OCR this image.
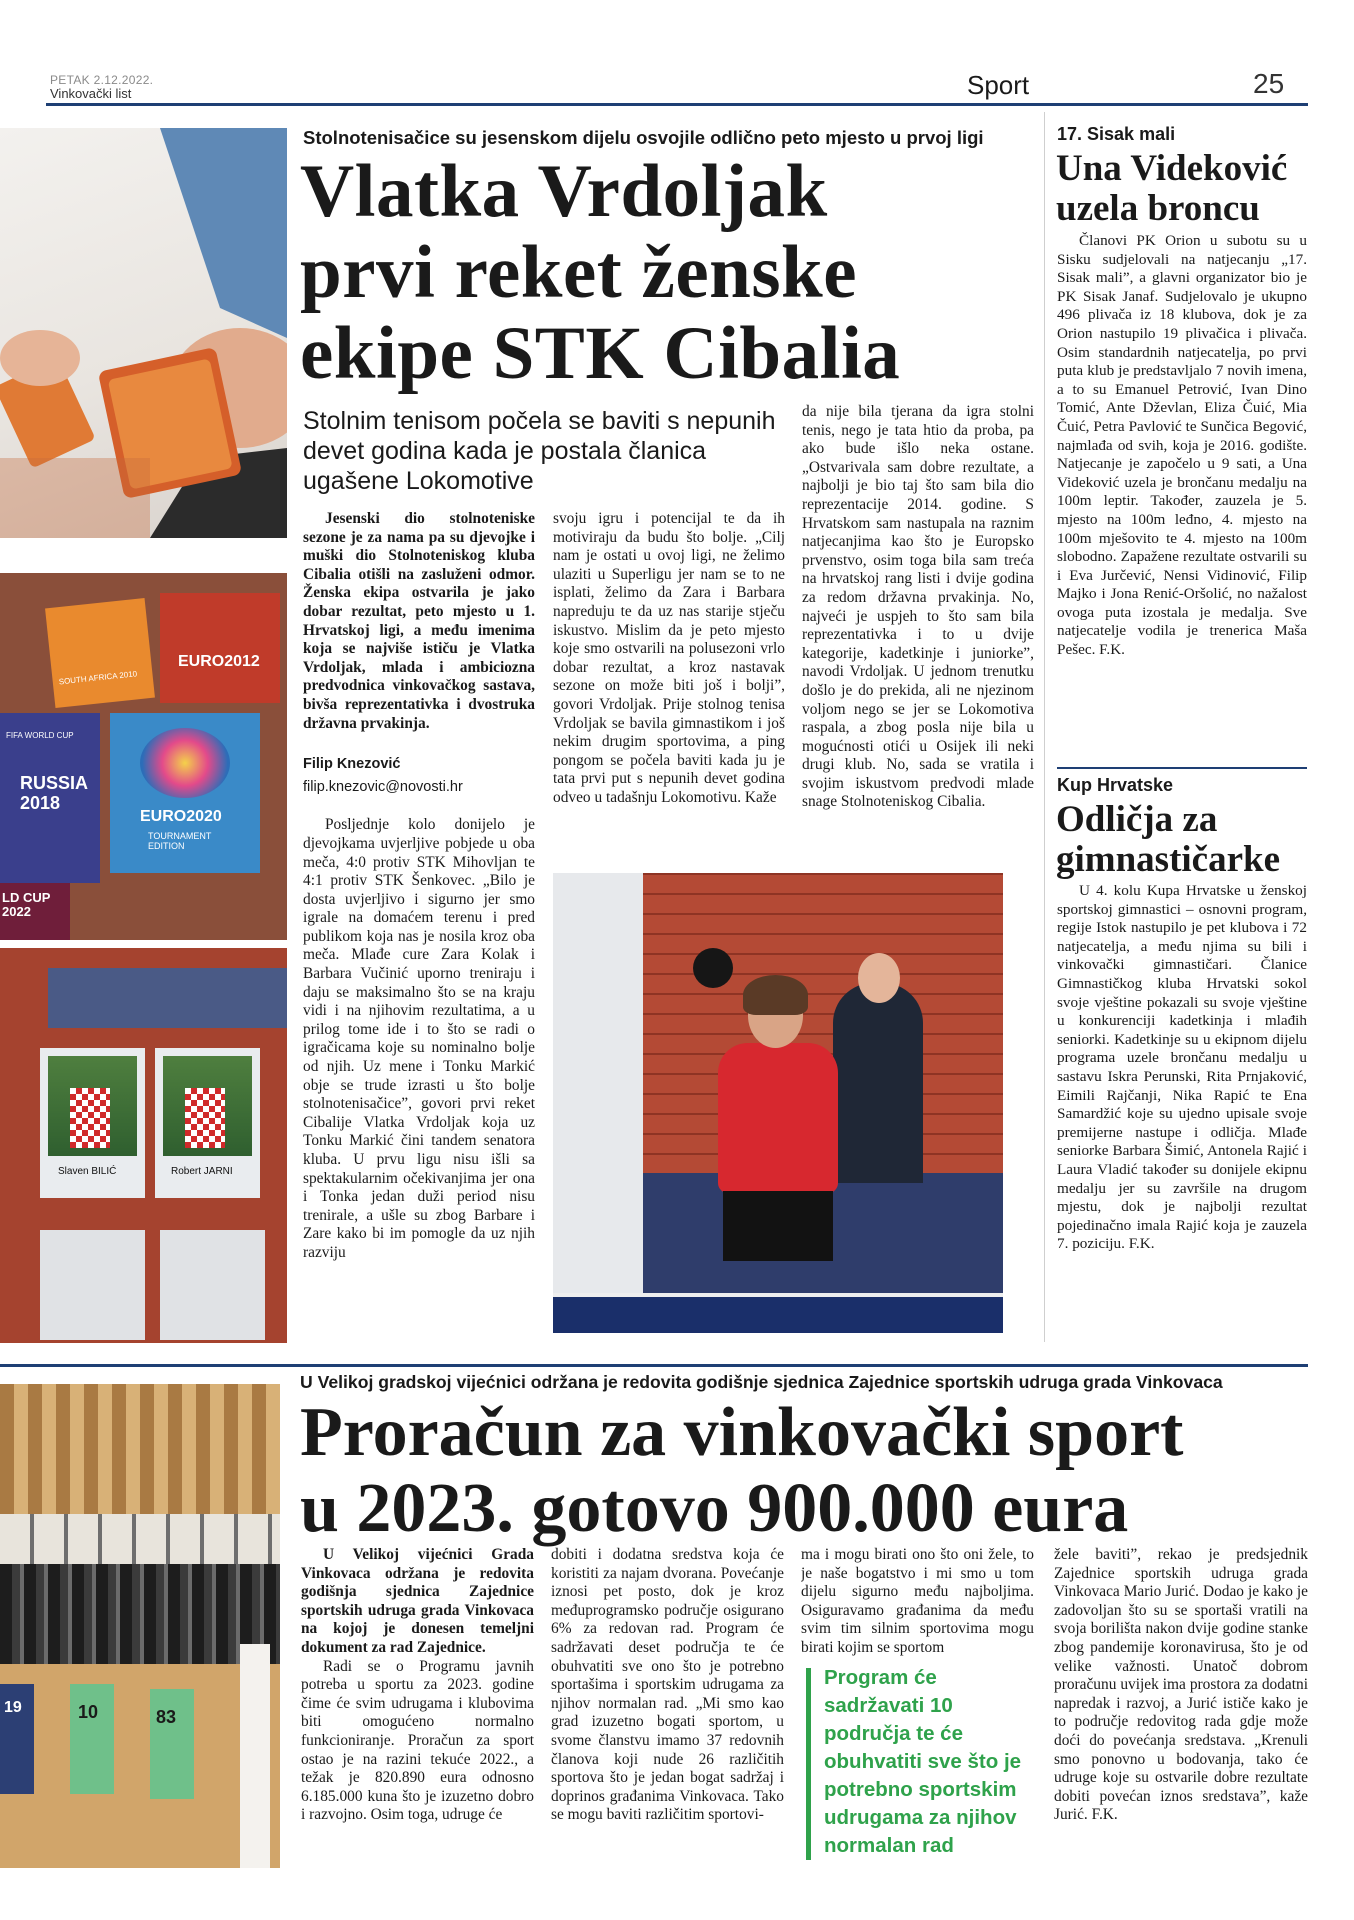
PETAK 2.12.2022.
Vinkovački list	Sport	25
SOUTH AFRICA 2010
EURO2012
FIFA WORLD CUP
RUSSIA
2018
EURO2020
TOURNAMENT
EDITION
LD CUP
2022
Slaven BILIĆ	Robert JARNI
Stolnotenisačice su jesenskom dijelu osvojile odlično peto mjesto u prvoj ligi
Vlatka Vrdoljak
prvi reket ženske
ekipe STK Cibalia
Stolnim tenisom počela se baviti s nepunih devet godina kada je postala članica ugašene Lokomotive

Jesenski dio stolnoteniske sezone je za nama pa su djevojke i muški dio Stolnoteniskog kluba Cibalia otišli na zasluženi odmor. Ženska ekipa ostvarila je jako dobar rezultat, peto mjesto u 1. Hrvatskoj ligi, a među imenima koja se najviše ističu je Vlatka Vrdoljak, mlada i ambiciozna predvodnica vinkovačkog sastava, bivša reprezentativka i dvostruka državna prvakinja.

Filip Knezović
filip.knezovic@novosti.hr

Posljednje kolo donijelo je djevojkama uvjerljive pobjede u oba meča, 4:0 protiv STK Mihovljan te 4:1 protiv STK Šenkovec. „Bilo je dosta uvjerljivo i sigurno jer smo igrale na domaćem terenu i pred publikom koja nas je nosila kroz oba meča. Mlađe cure Zara Kolak i Barbara Vučinić uporno treniraju i daju se maksimalno što se na kraju vidi i na njihovim rezultatima, a u prilog tome ide i to što se radi o igračicama koje su nominalno bolje od njih. Uz mene i Tonku Markić obje se trude izrasti u što bolje stolnotenisačice”, govori prvi reket Cibalije Vlatka Vrdoljak koja uz Tonku Markić čini tandem senatora kluba. U prvu ligu nisu išli sa spektakularnim očekivanjima jer ona i Tonka jedan duži period nisu trenirale, a ušle su zbog Barbare i Zare kako bi im pomogle da uz njih razviju

svoju igru i potencijal te da ih motiviraju da budu što bolje. „Cilj nam je ostati u ovoj ligi, ne želimo ulaziti u Superligu jer nam se to ne isplati, želimo da Zara i Barbara napreduju te da uz nas starije stječu iskustvo. Mislim da je peto mjesto koje smo ostvarili na polusezoni vrlo dobar rezultat, a kroz nastavak sezone on može biti još i bolji”, govori Vrdoljak. Prije stolnog tenisa Vrdoljak se bavila gimnastikom i još nekim drugim sportovima, a ping pongom se počela baviti kada ju je tata prvi put s nepunih devet godina odveo u tadašnju Lokomotivu. Kaže

da nije bila tjerana da igra stolni tenis, nego je tata htio da proba, pa ako bude išlo neka ostane. „Ostvarivala sam dobre rezultate, a najbolji je bio taj što sam bila dio reprezentacije 2014. godine. S Hrvatskom sam nastupala na raznim natjecanjima kao što je Europsko prvenstvo, osim toga bila sam treća na hrvatskoj rang listi i dvije godina za redom državna prvakinja. No, najveći je uspjeh to što sam bila reprezentativka i to u dvije kategorije, kadetkinje i juniorke”, navodi Vrdoljak. U jednom trenutku došlo je do prekida, ali ne njezinom voljom nego se jer se Lokomotiva raspala, a zbog posla nije bila u mogućnosti otići u Osijek ili neki drugi klub. No, sada se vratila i svojim iskustvom predvodi mlade snage Stolnoteniskog Cibalia.

17. Sisak mali
Una Videković
uzela broncu

Članovi PK Orion u subotu su u Sisku sudjelovali na natjecanju „17. Sisak mali”, a glavni organizator bio je PK Sisak Janaf. Sudjelovalo je ukupno 496 plivača iz 18 klubova, dok je za Orion nastupilo 19 plivačica i plivača. Osim standardnih natjecatelja, po prvi puta klub je predstavljalo 7 novih imena, a to su Emanuel Petrović, Ivan Dino Tomić, Ante Dževlan, Eliza Čuić, Mia Čuić, Petra Pavlović te Sunčica Begović, najmlađa od svih, koja je 2016. godište. Natjecanje je započelo u 9 sati, a Una Videković uzela je brončanu medalju na 100m leptir. Također, zauzela je 5. mjesto na 100m leđno, 4. mjesto na 100m mješovito te 4. mjesto na 100m slobodno. Zapažene rezultate ostvarili su i Eva Jurčević, Nensi Vidinović, Filip Majko i Jona Renić-Oršolić, no nažalost ovoga puta izostala je medalja. Sve natjecatelje vodila je trenerica Maša Pešec. F.K.

Kup Hrvatske
Odličja za
gimnastičarke

U 4. kolu Kupa Hrvatske u ženskoj sportskoj gimnastici – osnovni program, regije Istok nastupilo je pet klubova i 72 natjecatelja, a među njima su bili i vinkovački gimnastičari. Članice Gimnastičkog kluba Hrvatski sokol svoje vještine pokazali su svoje vještine u konkurenciji kadetkinja i mlađih seniorki. Kadetkinje su u ekipnom dijelu programa uzele brončanu medalju u sastavu Iskra Perunski, Rita Prnjaković, Eimili Rajčanji, Nika Rapić te Ena Samardžić koje su ujedno upisale svoje premijerne nastupe i odličja. Mlađe seniorke Barbara Šimić, Antonela Rajić i Laura Vladić također su donijele ekipnu medalju jer su završile na drugom mjestu, dok je najbolji rezultat pojedinačno imala Rajić koja je zauzela 7. poziciju. F.K.

19	10	83
U Velikoj gradskoj vijećnici održana je redovita godišnje sjednica Zajednice sportskih udruga grada Vinkovaca
Proračun za vinkovački sport
u 2023. gotovo 900.000 eura

U Velikoj vijećnici Grada Vinkovaca održana je redovita godišnja sjednica Zajednice sportskih udruga grada Vinkovaca na kojoj je donesen temeljni dokument za rad Zajednice.

Radi se o Programu javnih potreba u sportu za 2023. godine čime će svim udrugama i klubovima biti omogućeno normalno funkcioniranje. Proračun za sport ostao je na razini tekuće 2022., a težak je 820.890 eura odnosno 6.185.000 kuna što je izuzetno dobro i razvojno. Osim toga, udruge će

dobiti i dodatna sredstva koja će koristiti za najam dvorana. Povećanje iznosi pet posto, dok je kroz međuprogramsko područje osigurano 6% za redovan rad. Program će sadržavati deset područja te će obuhvatiti sve ono što je potrebno sportašima i sportskim udrugama za njihov normalan rad. „Mi smo kao grad izuzetno bogati sportom, u svome članstvu imamo 37 redovnih članova koji nude 26 različitih sportova što je jedan bogat sadržaj i doprinos građanima Vinkovaca. Tako se mogu baviti različitim sportovi-

ma i mogu birati ono što oni žele, to je naše bogatstvo i mi smo u tom dijelu sigurno među najboljima. Osiguravamo građanima da među svim tim silnim sportovima mogu birati kojim se sportom

Program će sadržavati 10 područja te će obuhvatiti sve što je potrebno sportskim udrugama za njihov normalan rad

žele baviti”, rekao je predsjednik Zajednice sportskih udruga grada Vinkovaca Mario Jurić. Dodao je kako je zadovoljan što su se sportaši vratili na svoja borilišta nakon dvije godine stanke zbog pandemije koronavirusa, što je od velike važnosti. Unatoč dobrom proračunu uvijek ima prostora za dodatni napredak i razvoj, a Jurić ističe kako je to područje redovitog rada gdje može doći do povećanja sredstava. „Krenuli smo ponovno u bodovanja, tako će udruge koje su ostvarile dobre rezultate dobiti povećan iznos sredstava”, kaže Jurić. F.K.
